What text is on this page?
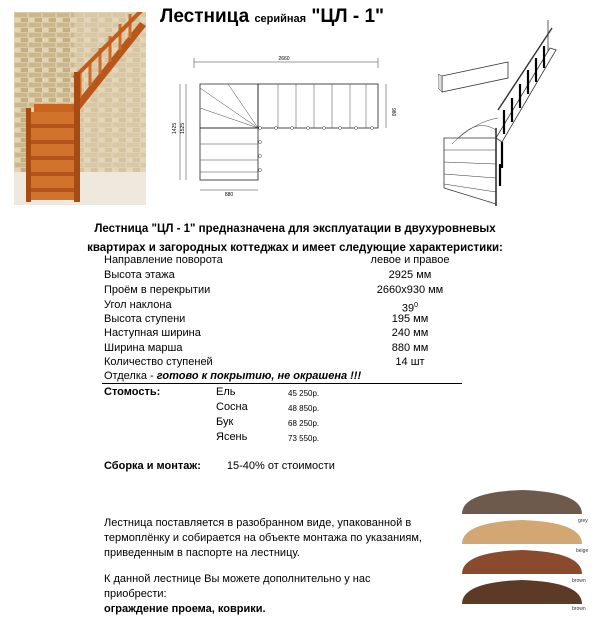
Лестница серийная "ЦЛ - 1"
2660
980
1425 1525
880
Лестница "ЦЛ - 1" предназначена для эксплуатации в двухуровневых
квартирах и загородных коттеджах и имеет следующие характеристики:
Направление поворота	левое и правое
Высота этажа	2925 мм
Проём в перекрытии	2660х930 мм
Угол наклона	$39^0$
Высота ступени	195 мм
Наступная ширина	240 мм
Ширина марша	880 мм
Количество ступеней	14 шт
Отделка - готово к покрытию, не окрашена !!!
Стомость:	Ель	45 250р.
Сосна	48 850р.
Бук	68 250р.
Ясень	73 550р.
Сборка и монтаж: 15-40% от стоимости
Лестница поставляется в разобранном виде, упакованной в термоплёнку и собирается на объекте монтажа по указаниям, приведенным в паспорте на лестницу.
К данной лестнице Вы можете дополнительно у нас приобрести:
ограждение проема, коврики.
grey
beige
brown
brown
